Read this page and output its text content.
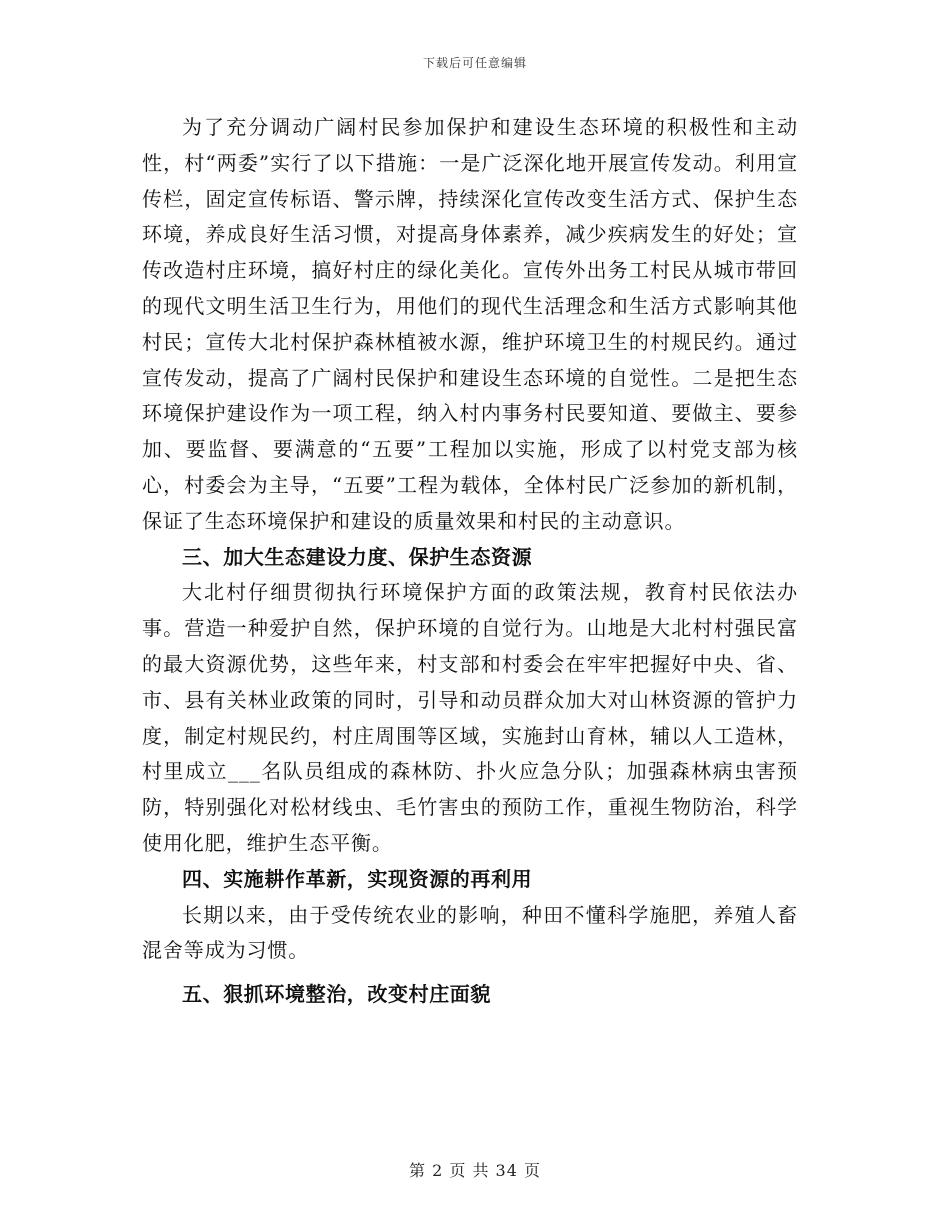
下载后可任意编辑

为了充分调动广阔村民参加保护和建设生态环境的积极性和主动性，村“两委”实行了以下措施：一是广泛深化地开展宣传发动。利用宣传栏，固定宣传标语、警示牌，持续深化宣传改变生活方式、保护生态环境，养成良好生活习惯，对提高身体素养，减少疾病发生的好处；宣传改造村庄环境，搞好村庄的绿化美化。宣传外出务工村民从城市带回的现代文明生活卫生行为，用他们的现代生活理念和生活方式影响其他村民；宣传大北村保护森林植被水源，维护环境卫生的村规民约。通过宣传发动，提高了广阔村民保护和建设生态环境的自觉性。二是把生态环境保护建设作为一项工程，纳入村内事务村民要知道、要做主、要参加、要监督、要满意的“五要”工程加以实施，形成了以村党支部为核心，村委会为主导，“五要”工程为载体，全体村民广泛参加的新机制，保证了生态环境保护和建设的质量效果和村民的主动意识。

三、加大生态建设力度、保护生态资源

大北村仔细贯彻执行环境保护方面的政策法规，教育村民依法办事。营造一种爱护自然，保护环境的自觉行为。山地是大北村村强民富的最大资源优势，这些年来，村支部和村委会在牢牢把握好中央、省、市、县有关林业政策的同时，引导和动员群众加大对山林资源的管护力度，制定村规民约，村庄周围等区域，实施封山育林，辅以人工造林，村里成立___名队员组成的森林防、扑火应急分队；加强森林病虫害预防，特别强化对松材线虫、毛竹害虫的预防工作，重视生物防治，科学使用化肥，维护生态平衡。

四、实施耕作革新，实现资源的再利用

长期以来，由于受传统农业的影响，种田不懂科学施肥，养殖人畜混舍等成为习惯。

五、狠抓环境整治，改变村庄面貌

第 2 页 共 34 页
